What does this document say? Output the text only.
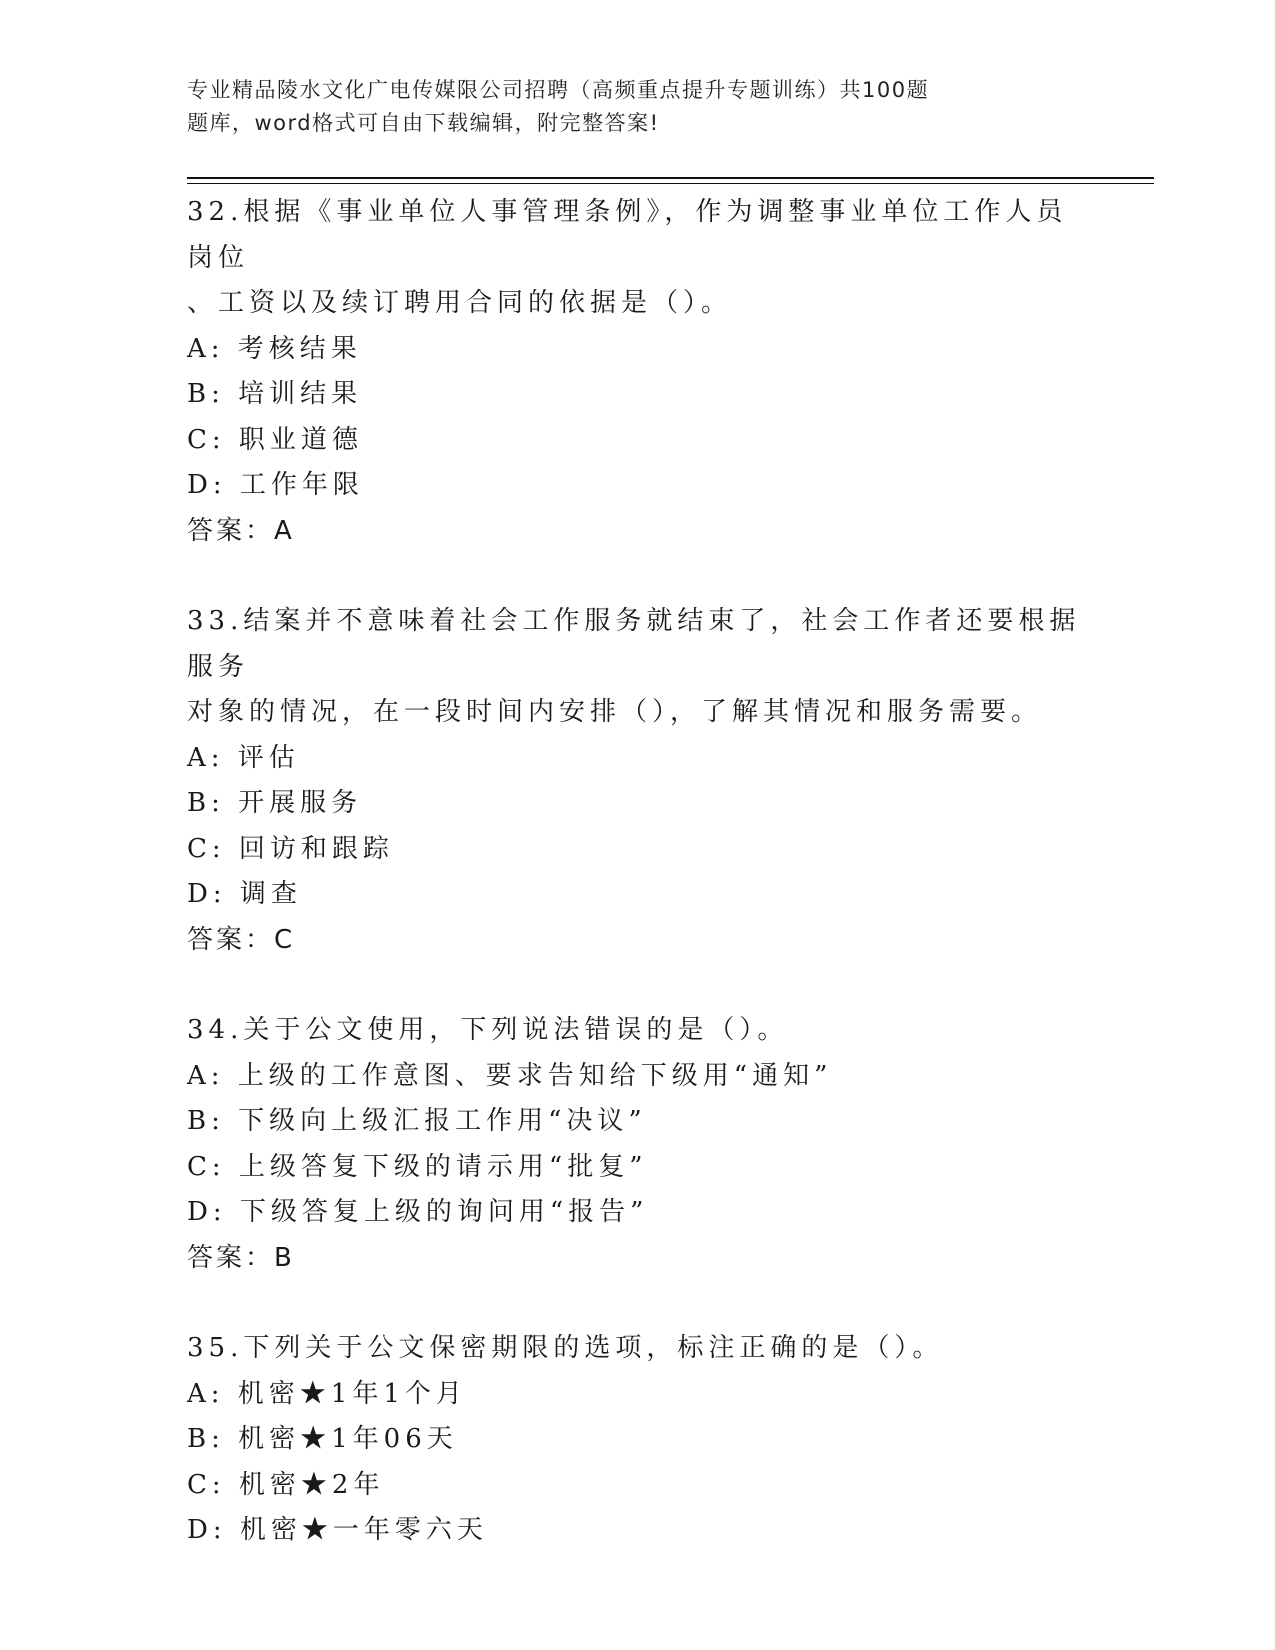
专业精品陵水文化广电传媒限公司招聘（高频重点提升专题训练）共100题
题库，word格式可自由下载编辑，附完整答案!

32.根据《事业单位人事管理条例》，作为调整事业单位工作人员岗位
、工资以及续订聘用合同的依据是（）。

A: 考核结果

B: 培训结果

C: 职业道德

D: 工作年限

答案：A

33.结案并不意味着社会工作服务就结束了，社会工作者还要根据服务
对象的情况，在一段时间内安排（），了解其情况和服务需要。

A: 评估

B: 开展服务

C: 回访和跟踪

D: 调查

答案：C

34.关于公文使用，下列说法错误的是（）。

A: 上级的工作意图、要求告知给下级用“通知”

B: 下级向上级汇报工作用“决议”

C: 上级答复下级的请示用“批复”

D: 下级答复上级的询问用“报告”

答案：B

35.下列关于公文保密期限的选项，标注正确的是（）。

A: 机密★1年1个月

B: 机密★1年06天

C: 机密★2年

D: 机密★一年零六天
